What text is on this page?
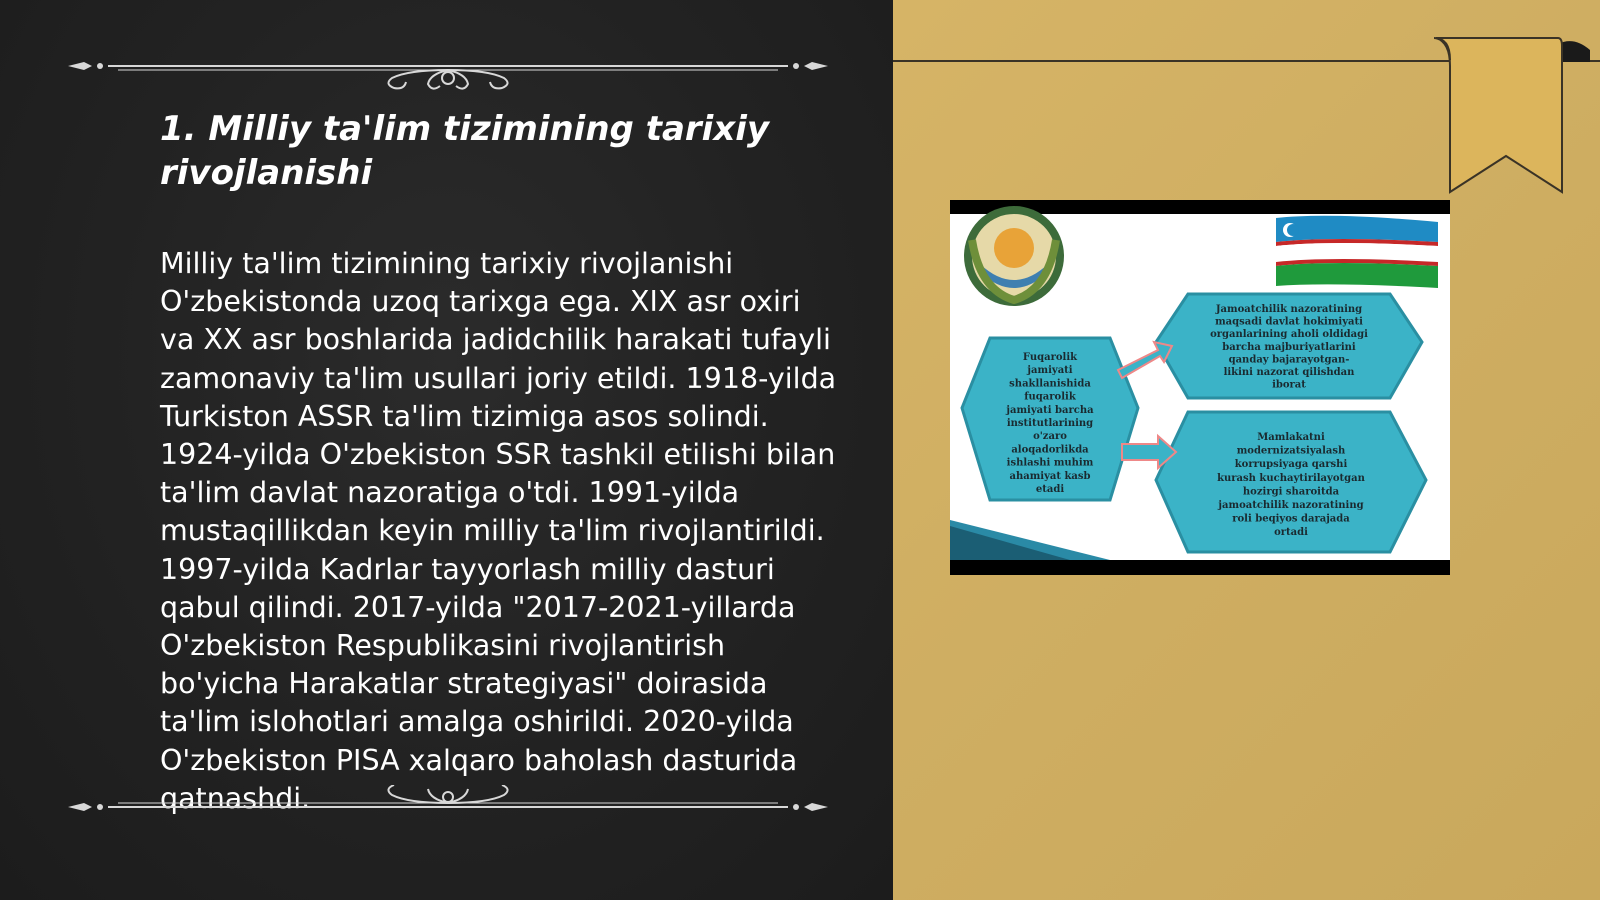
1. Milliy ta'lim tizimining tarixiy rivojlanishi

Milliy ta'lim tizimining tarixiy rivojlanishi O'zbekistonda uzoq tarixga ega. XIX asr oxiri va XX asr boshlarida jadidchilik harakati tufayli zamonaviy ta'lim usullari joriy etildi. 1918-yilda Turkiston ASSR ta'lim tizimiga asos solindi. 1924-yilda O'zbekiston SSR tashkil etilishi bilan ta'lim davlat nazoratiga o'tdi. 1991-yilda mustaqillikdan keyin milliy ta'lim rivojlantirildi. 1997-yilda Kadrlar tayyorlash milliy dasturi qabul qilindi. 2017-yilda "2017-2021-yillarda O'zbekiston Respublikasini rivojlantirish bo'yicha Harakatlar strategiyasi" doirasida ta'lim islohotlari amalga oshirildi. 2020-yilda O'zbekiston PISA xalqaro baholash dasturida qatnashdi.

Fuqarolik jamiyati shakllanishida fuqarolik jamiyati barcha institutlarining o'zaro aloqadorlikda ishlashi muhim ahamiyat kasb etadi
Jamoatchilik nazoratining maqsadi davlat hokimiyati organlarining aholi oldidagi barcha majburiyatlarini qanday bajarayotgan-likini nazorat qilishdan iborat
Mamlakatni modernizatsiyalash korrupsiyaga qarshi kurash kuchaytirilayotgan hozirgi sharoitda jamoatchilik nazoratining roli beqiyos darajada ortadi
